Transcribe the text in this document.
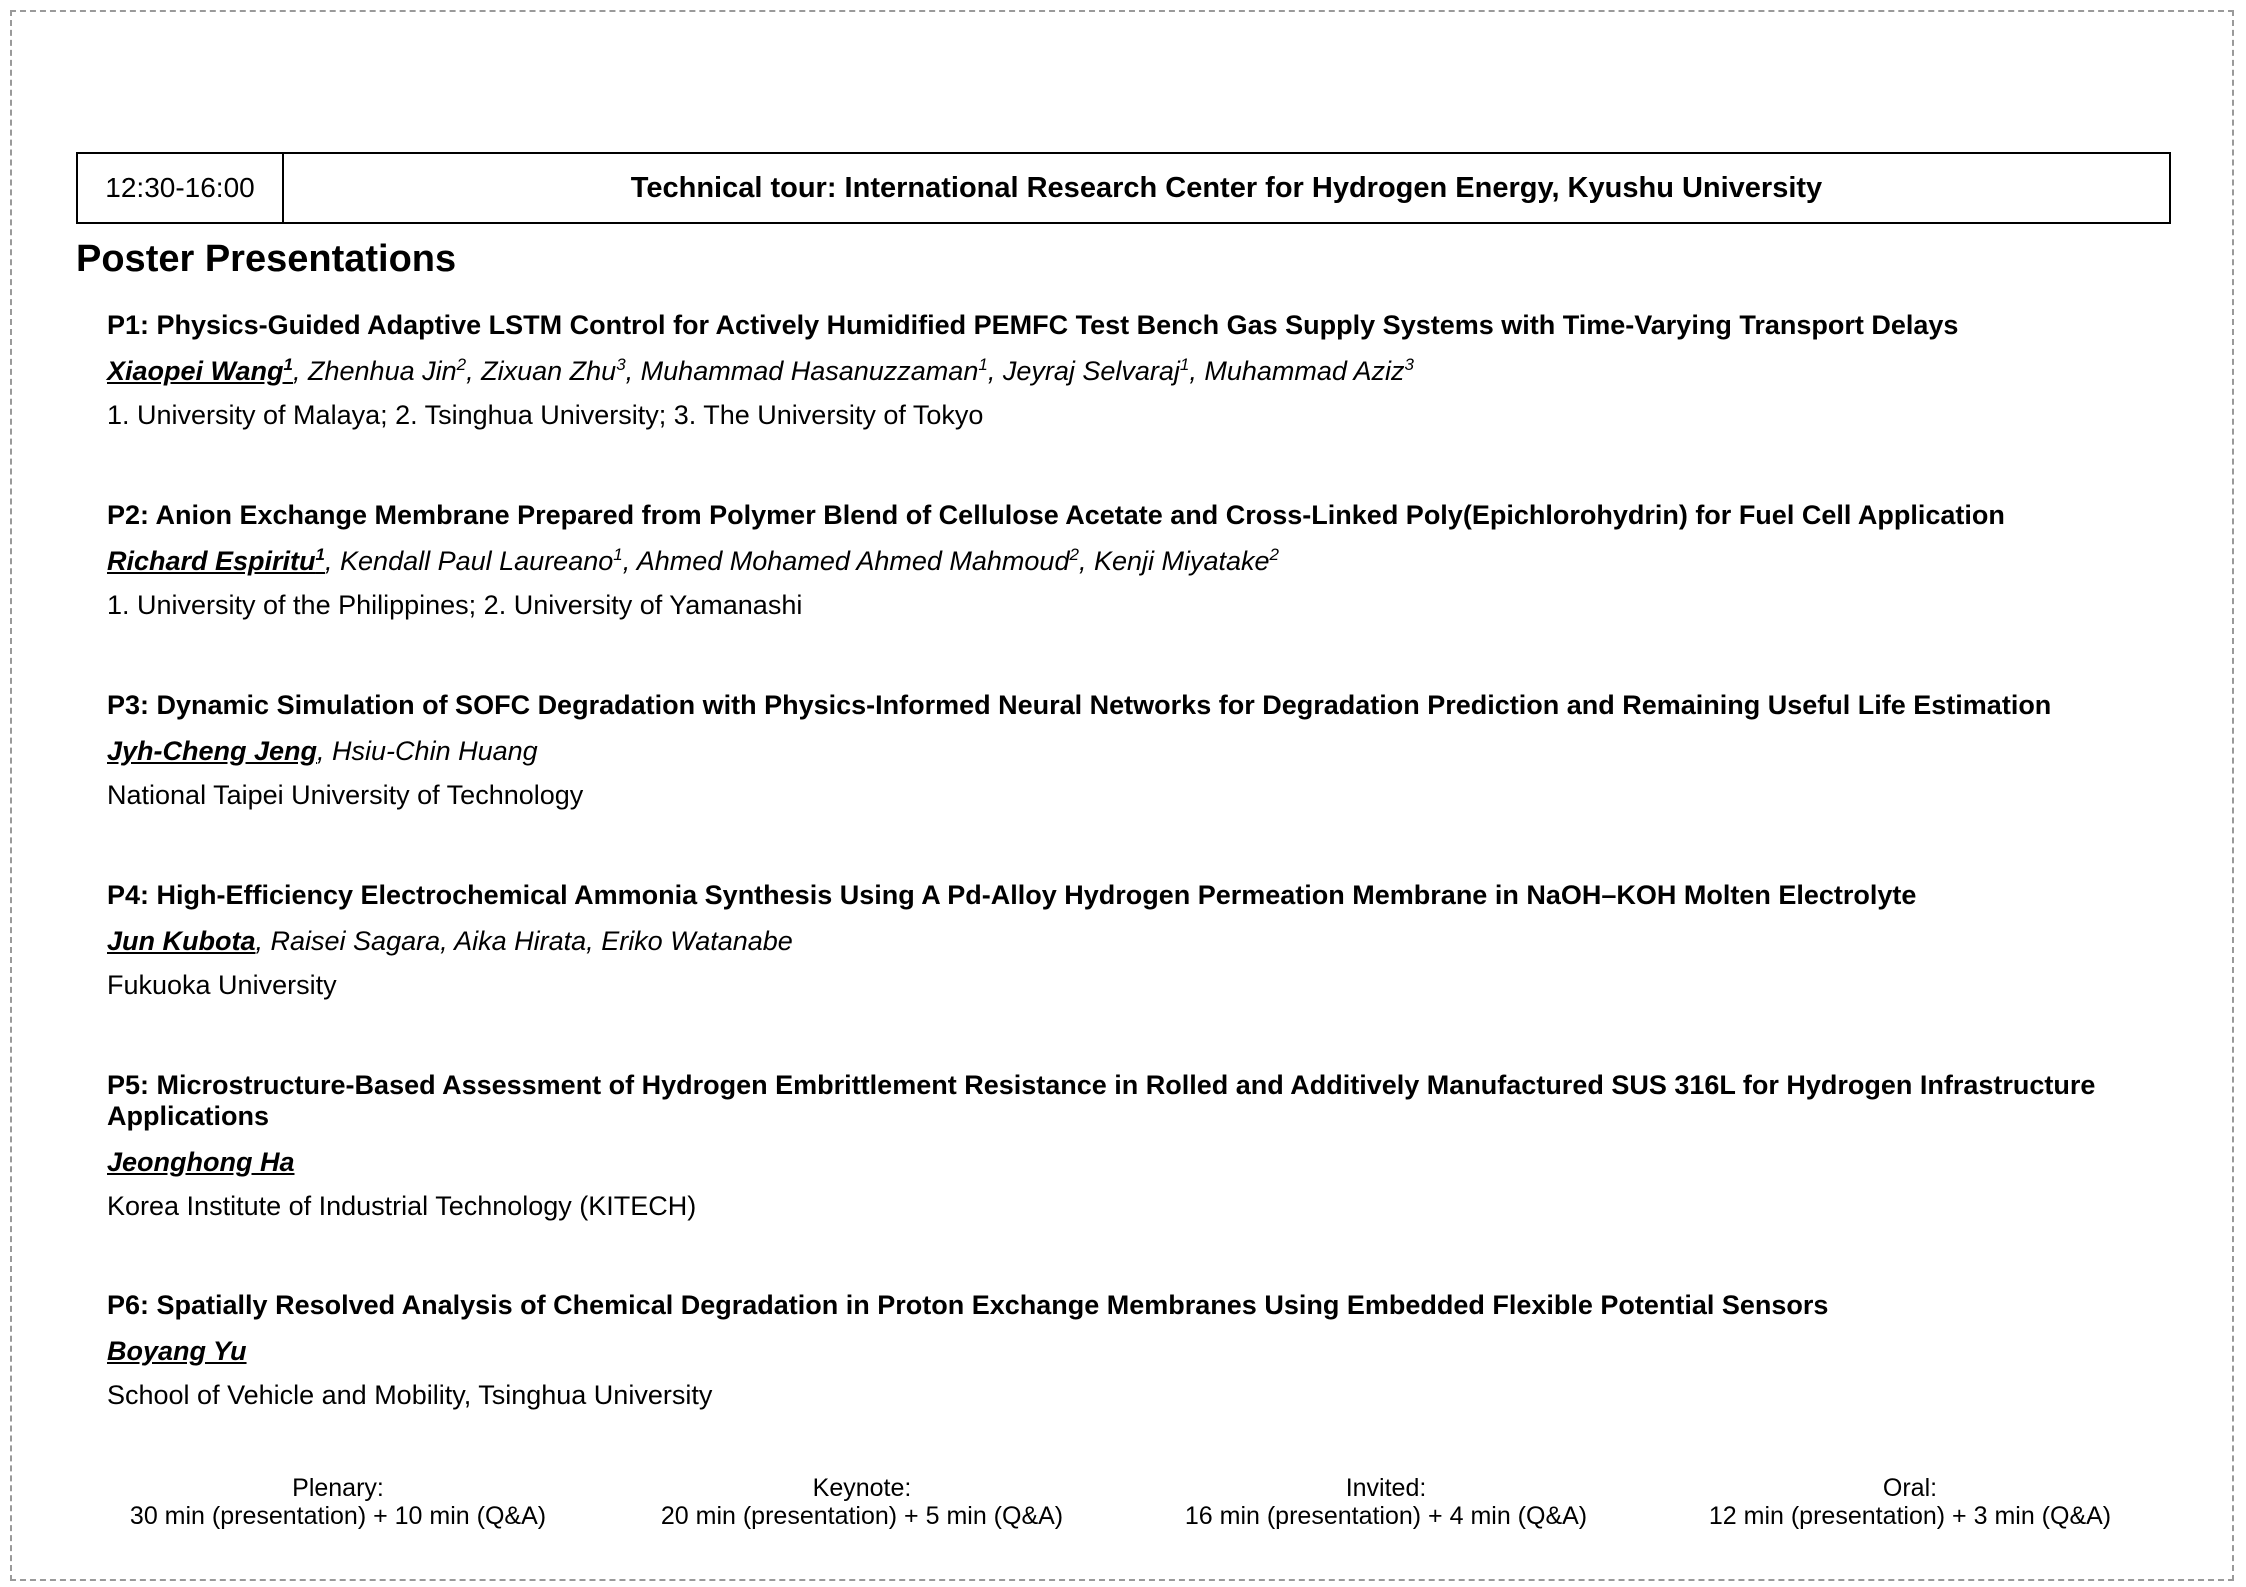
12:30-16:00	Technical tour: International Research Center for Hydrogen Energy, Kyushu University
Poster Presentations

P1: Physics-Guided Adaptive LSTM Control for Actively Humidified PEMFC Test Bench Gas Supply Systems with Time-Varying Transport Delays

Xiaopei Wang$^1$, Zhenhua Jin$^2$, Zixuan Zhu$^3$, Muhammad Hasanuzzaman$^1$, Jeyraj Selvaraj$^1$, Muhammad Aziz$^3$

1. University of Malaya; 2. Tsinghua University; 3. The University of Tokyo

P2: Anion Exchange Membrane Prepared from Polymer Blend of Cellulose Acetate and Cross-Linked Poly(Epichlorohydrin) for Fuel Cell Application

Richard Espiritu$^1$, Kendall Paul Laureano$^1$, Ahmed Mohamed Ahmed Mahmoud$^2$, Kenji Miyatake$^2$

1. University of the Philippines; 2. University of Yamanashi

P3: Dynamic Simulation of SOFC Degradation with Physics-Informed Neural Networks for Degradation Prediction and Remaining Useful Life Estimation

Jyh-Cheng Jeng, Hsiu-Chin Huang

National Taipei University of Technology

P4: High-Efficiency Electrochemical Ammonia Synthesis Using A Pd-Alloy Hydrogen Permeation Membrane in NaOH–KOH Molten Electrolyte

Jun Kubota, Raisei Sagara, Aika Hirata, Eriko Watanabe

Fukuoka University

P5: Microstructure-Based Assessment of Hydrogen Embrittlement Resistance in Rolled and Additively Manufactured SUS 316L for Hydrogen Infrastructure Applications

Jeonghong Ha

Korea Institute of Industrial Technology (KITECH)

P6: Spatially Resolved Analysis of Chemical Degradation in Proton Exchange Membranes Using Embedded Flexible Potential Sensors

Boyang Yu

School of Vehicle and Mobility, Tsinghua University

Plenary:
30 min (presentation) + 10 min (Q&A)
Keynote:
20 min (presentation) + 5 min (Q&A)
Invited:
16 min (presentation) + 4 min (Q&A)
Oral:
12 min (presentation) + 3 min (Q&A)
